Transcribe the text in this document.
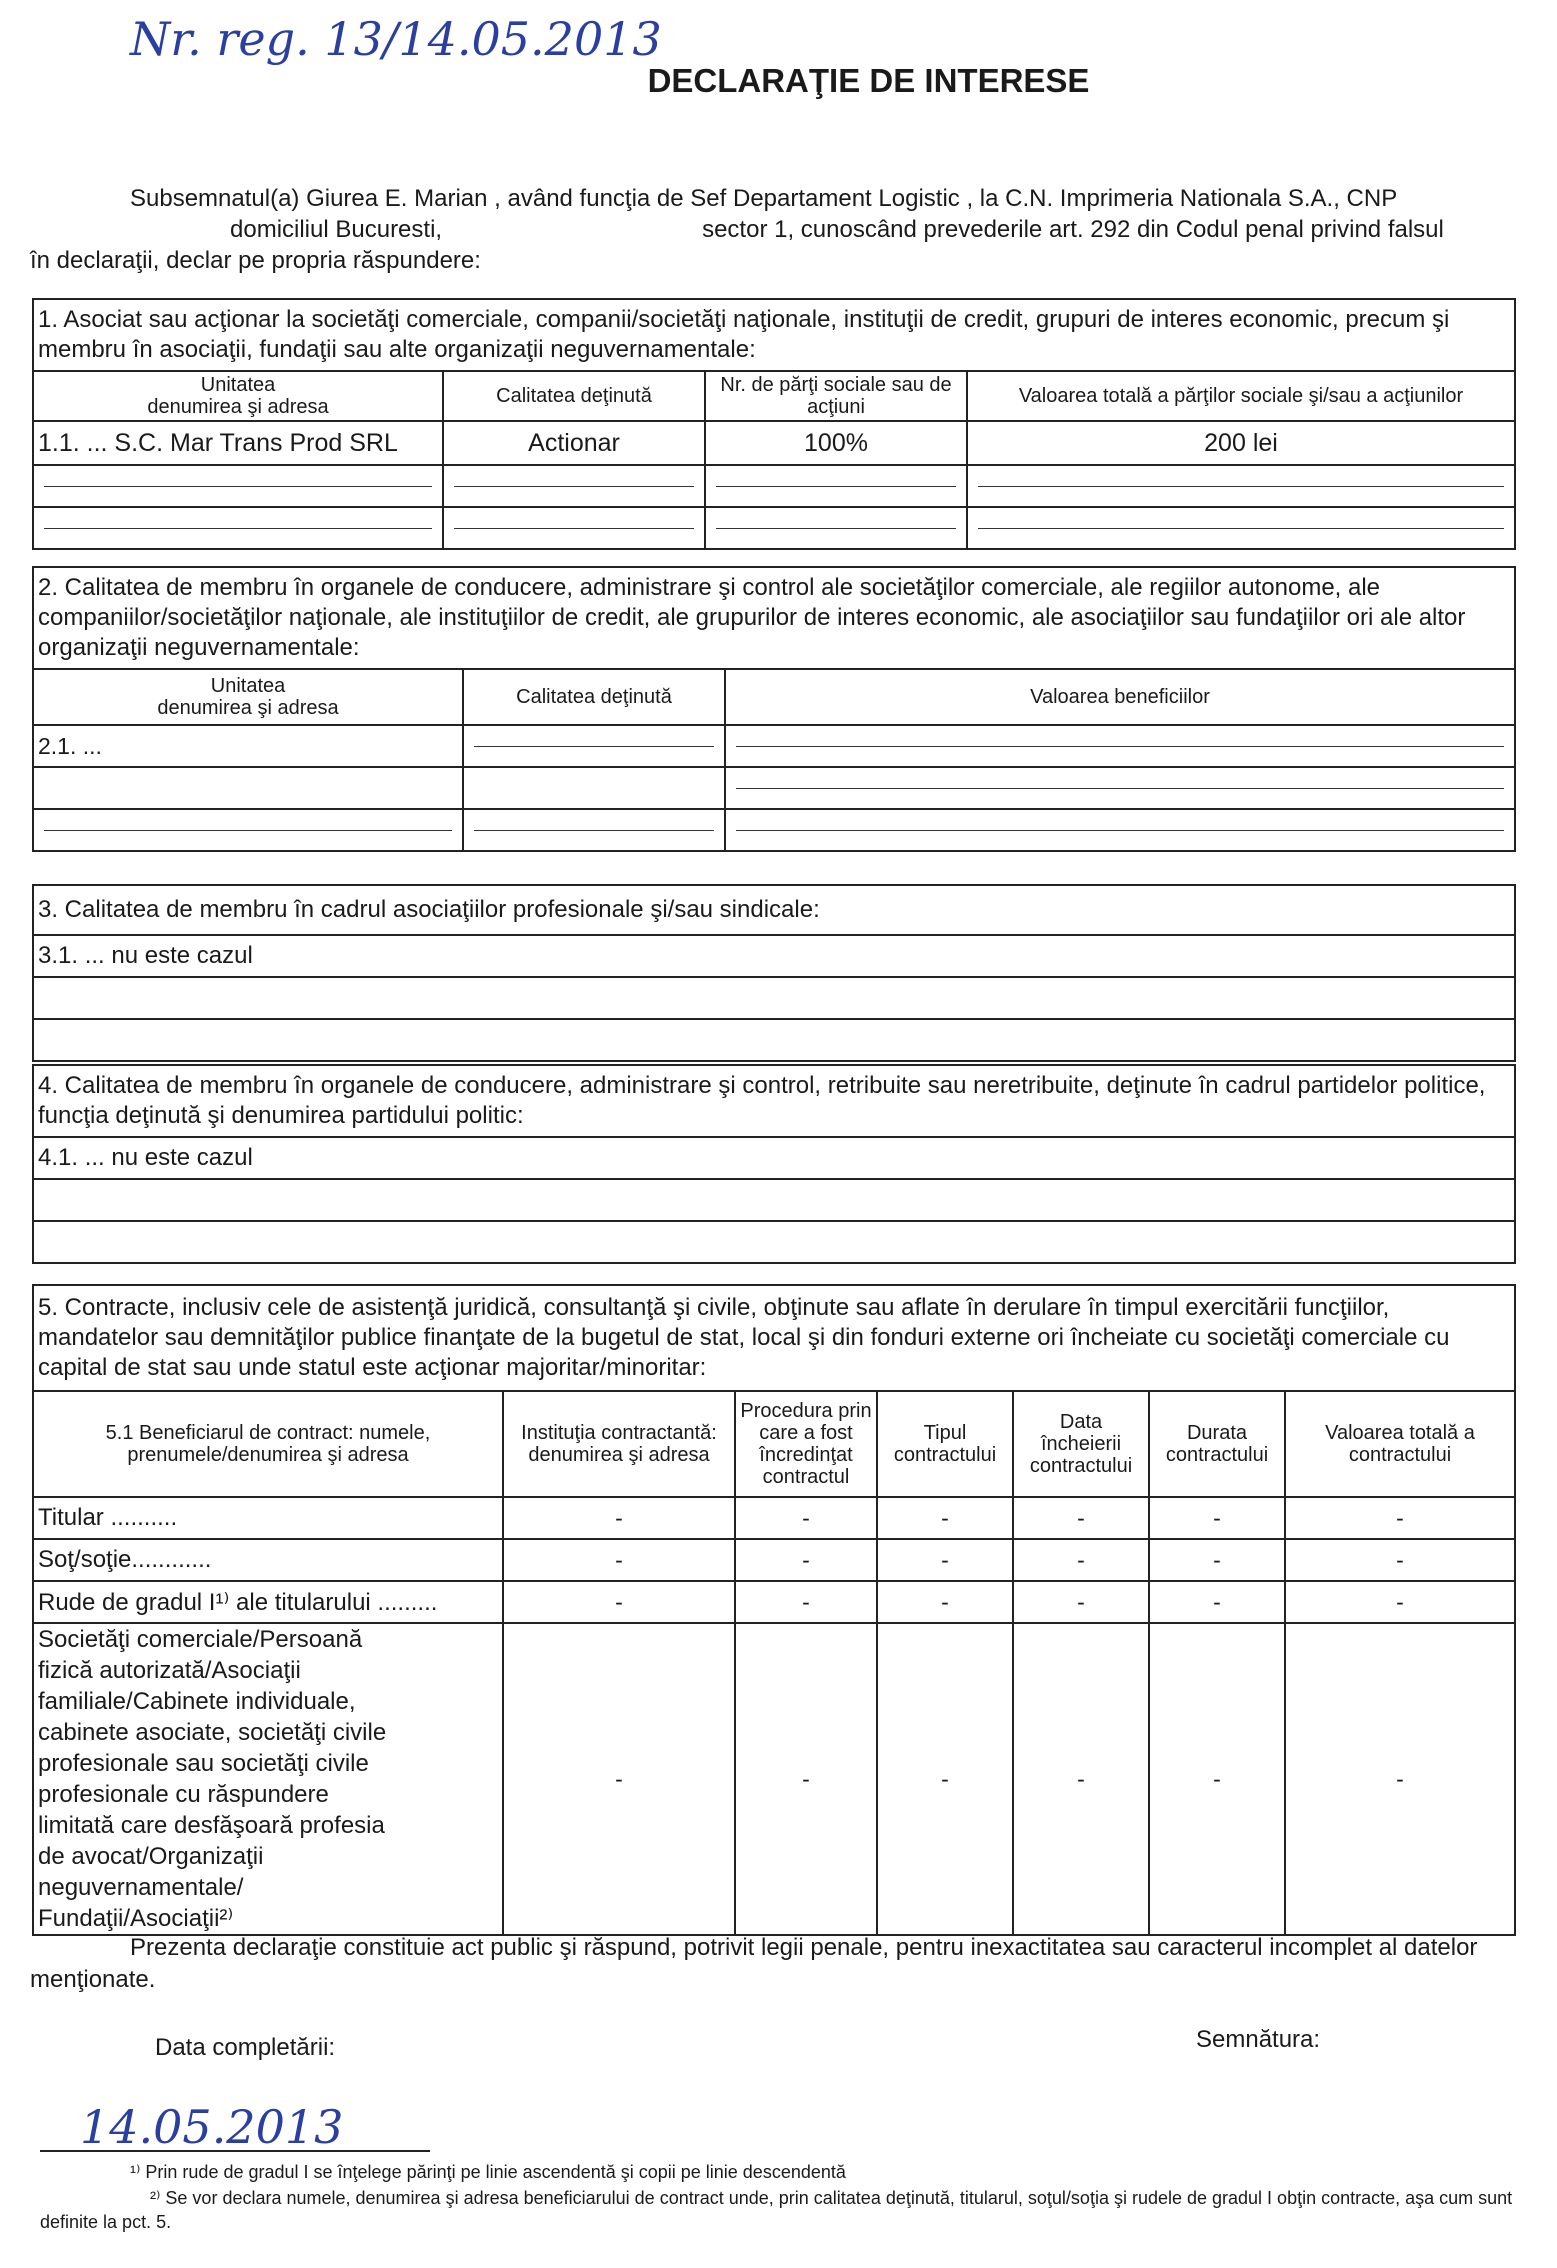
Nr. reg. 13/14.05.2013
DECLARAŢIE DE INTERESE
Subsemnatul(a) Giurea E. Marian , având funcţia de Sef Departament Logistic , la C.N. Imprimeria Nationala S.A., CNP
domiciliul Bucuresti,	sector 1, cunoscând prevederile art. 292 din Codul penal privind falsul
în declaraţii, declar pe propria răspundere:
1. Asociat sau acţionar la societăţi comerciale, companii/societăţi naţionale, instituţii de credit, grupuri de interes economic, precum şi membru în asociaţii, fundaţii sau alte organizaţii neguvernamentale:			
Unitatea
denumirea şi adresa	Calitatea deţinută	Nr. de părţi sociale sau de acţiuni	Valoarea totală a părţilor sociale şi/sau a acţiunilor
1.1. ... S.C. Mar Trans Prod SRL	Actionar	100%	200 lei

2. Calitatea de membru în organele de conducere, administrare şi control ale societăţilor comerciale, ale regiilor autonome, ale companiilor/societăţilor naţionale, ale instituţiilor de credit, ale grupurilor de interes economic, ale asociaţiilor sau fundaţiilor ori ale altor organizaţii neguvernamentale:		
Unitatea
denumirea şi adresa	Calitatea deţinută	Valoarea beneficiilor
2.1. ...	

3. Calitatea de membru în cadrul asociaţiilor profesionale şi/sau sindicale:
3.1. ... nu este cazul

4. Calitatea de membru în organele de conducere, administrare şi control, retribuite sau neretribuite, deţinute în cadrul partidelor politice, funcţia deţinută şi denumirea partidului politic:
4.1. ... nu este cazul

5. Contracte, inclusiv cele de asistenţă juridică, consultanţă şi civile, obţinute sau aflate în derulare în timpul exercitării funcţiilor, mandatelor sau demnităţilor publice finanţate de la bugetul de stat, local şi din fonduri externe ori încheiate cu societăţi comerciale cu capital de stat sau unde statul este acţionar majoritar/minoritar:						
5.1 Beneficiarul de contract: numele, prenumele/denumirea şi adresa	Instituţia contractantă: denumirea şi adresa	Procedura prin care a fost încredinţat contractul	Tipul contractului	Data încheierii contractului	Durata contractului	Valoarea totală a contractului
Titular ..........	-	-	-	-	-	-
Soţ/soţie............	-	-	-	-	-	-
Rude de gradul I¹⁾ ale titularului .........	-	-	-	-	-	-
Societăţi comerciale/Persoană fizică autorizată/Asociaţii familiale/Cabinete individuale, cabinete asociate, societăţi civile profesionale sau societăţi civile profesionale cu răspundere limitată care desfăşoară profesia de avocat/Organizaţii neguvernamentale/ Fundaţii/Asociaţii²⁾	-	-	-	-	-	-
Prezenta declaraţie constituie act public şi răspund, potrivit legii penale, pentru inexactitatea sau caracterul incomplet al datelor menţionate.
Data completării:	Semnătura:
14.05.2013
¹⁾ Prin rude de gradul I se înţelege părinţi pe linie ascendentă şi copii pe linie descendentă
²⁾ Se vor declara numele, denumirea şi adresa beneficiarului de contract unde, prin calitatea deţinută, titularul, soţul/soţia şi rudele de gradul I obţin contracte, aşa cum sunt definite la pct. 5.
